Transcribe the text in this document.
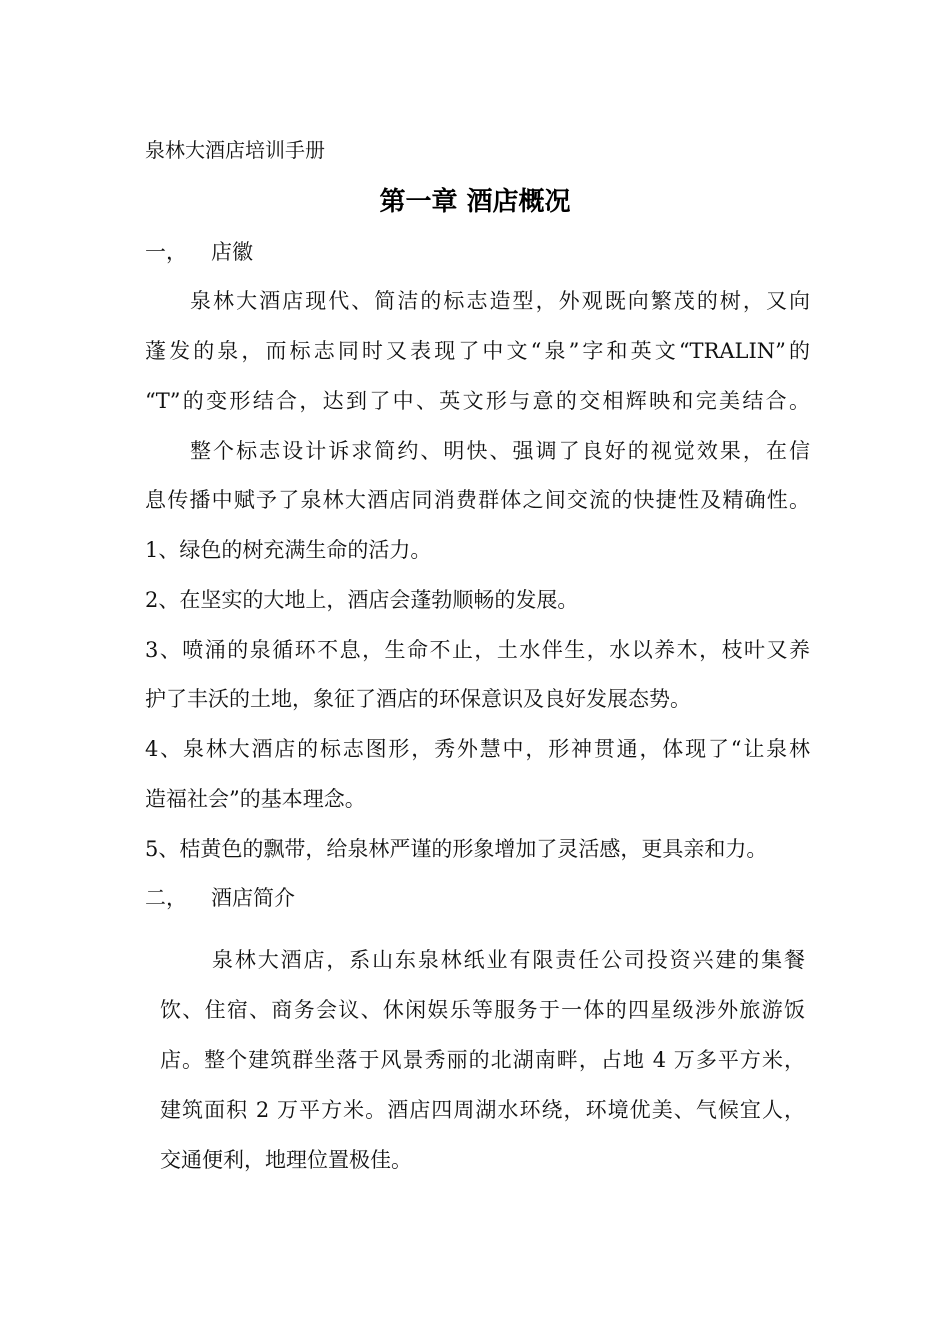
泉林大酒店培训手册
第一章 酒店概况
一， 店徽
泉林大酒店现代、简洁的标志造型，外观既向繁茂的树，又向
蓬发的泉，而标志同时又表现了中文“泉”字和英文“TRALIN”的
“T”的变形结合，达到了中、英文形与意的交相辉映和完美结合。
整个标志设计诉求简约、明快、强调了良好的视觉效果，在信
息传播中赋予了泉林大酒店同消费群体之间交流的快捷性及精确性。
1、绿色的树充满生命的活力。
2、在坚实的大地上，酒店会蓬勃顺畅的发展。
3、喷涌的泉循环不息，生命不止，土水伴生，水以养木，枝叶又养
护了丰沃的土地，象征了酒店的环保意识及良好发展态势。
4、泉林大酒店的标志图形，秀外慧中，形神贯通，体现了“让泉林
造福社会”的基本理念。
5、桔黄色的飘带，给泉林严谨的形象增加了灵活感，更具亲和力。
二， 酒店简介
泉林大酒店，系山东泉林纸业有限责任公司投资兴建的集餐
饮、住宿、商务会议、休闲娱乐等服务于一体的四星级涉外旅游饭
店。整个建筑群坐落于风景秀丽的北湖南畔，占地 4 万多平方米，
建筑面积 2 万平方米。酒店四周湖水环绕，环境优美、气候宜人，
交通便利，地理位置极佳。
